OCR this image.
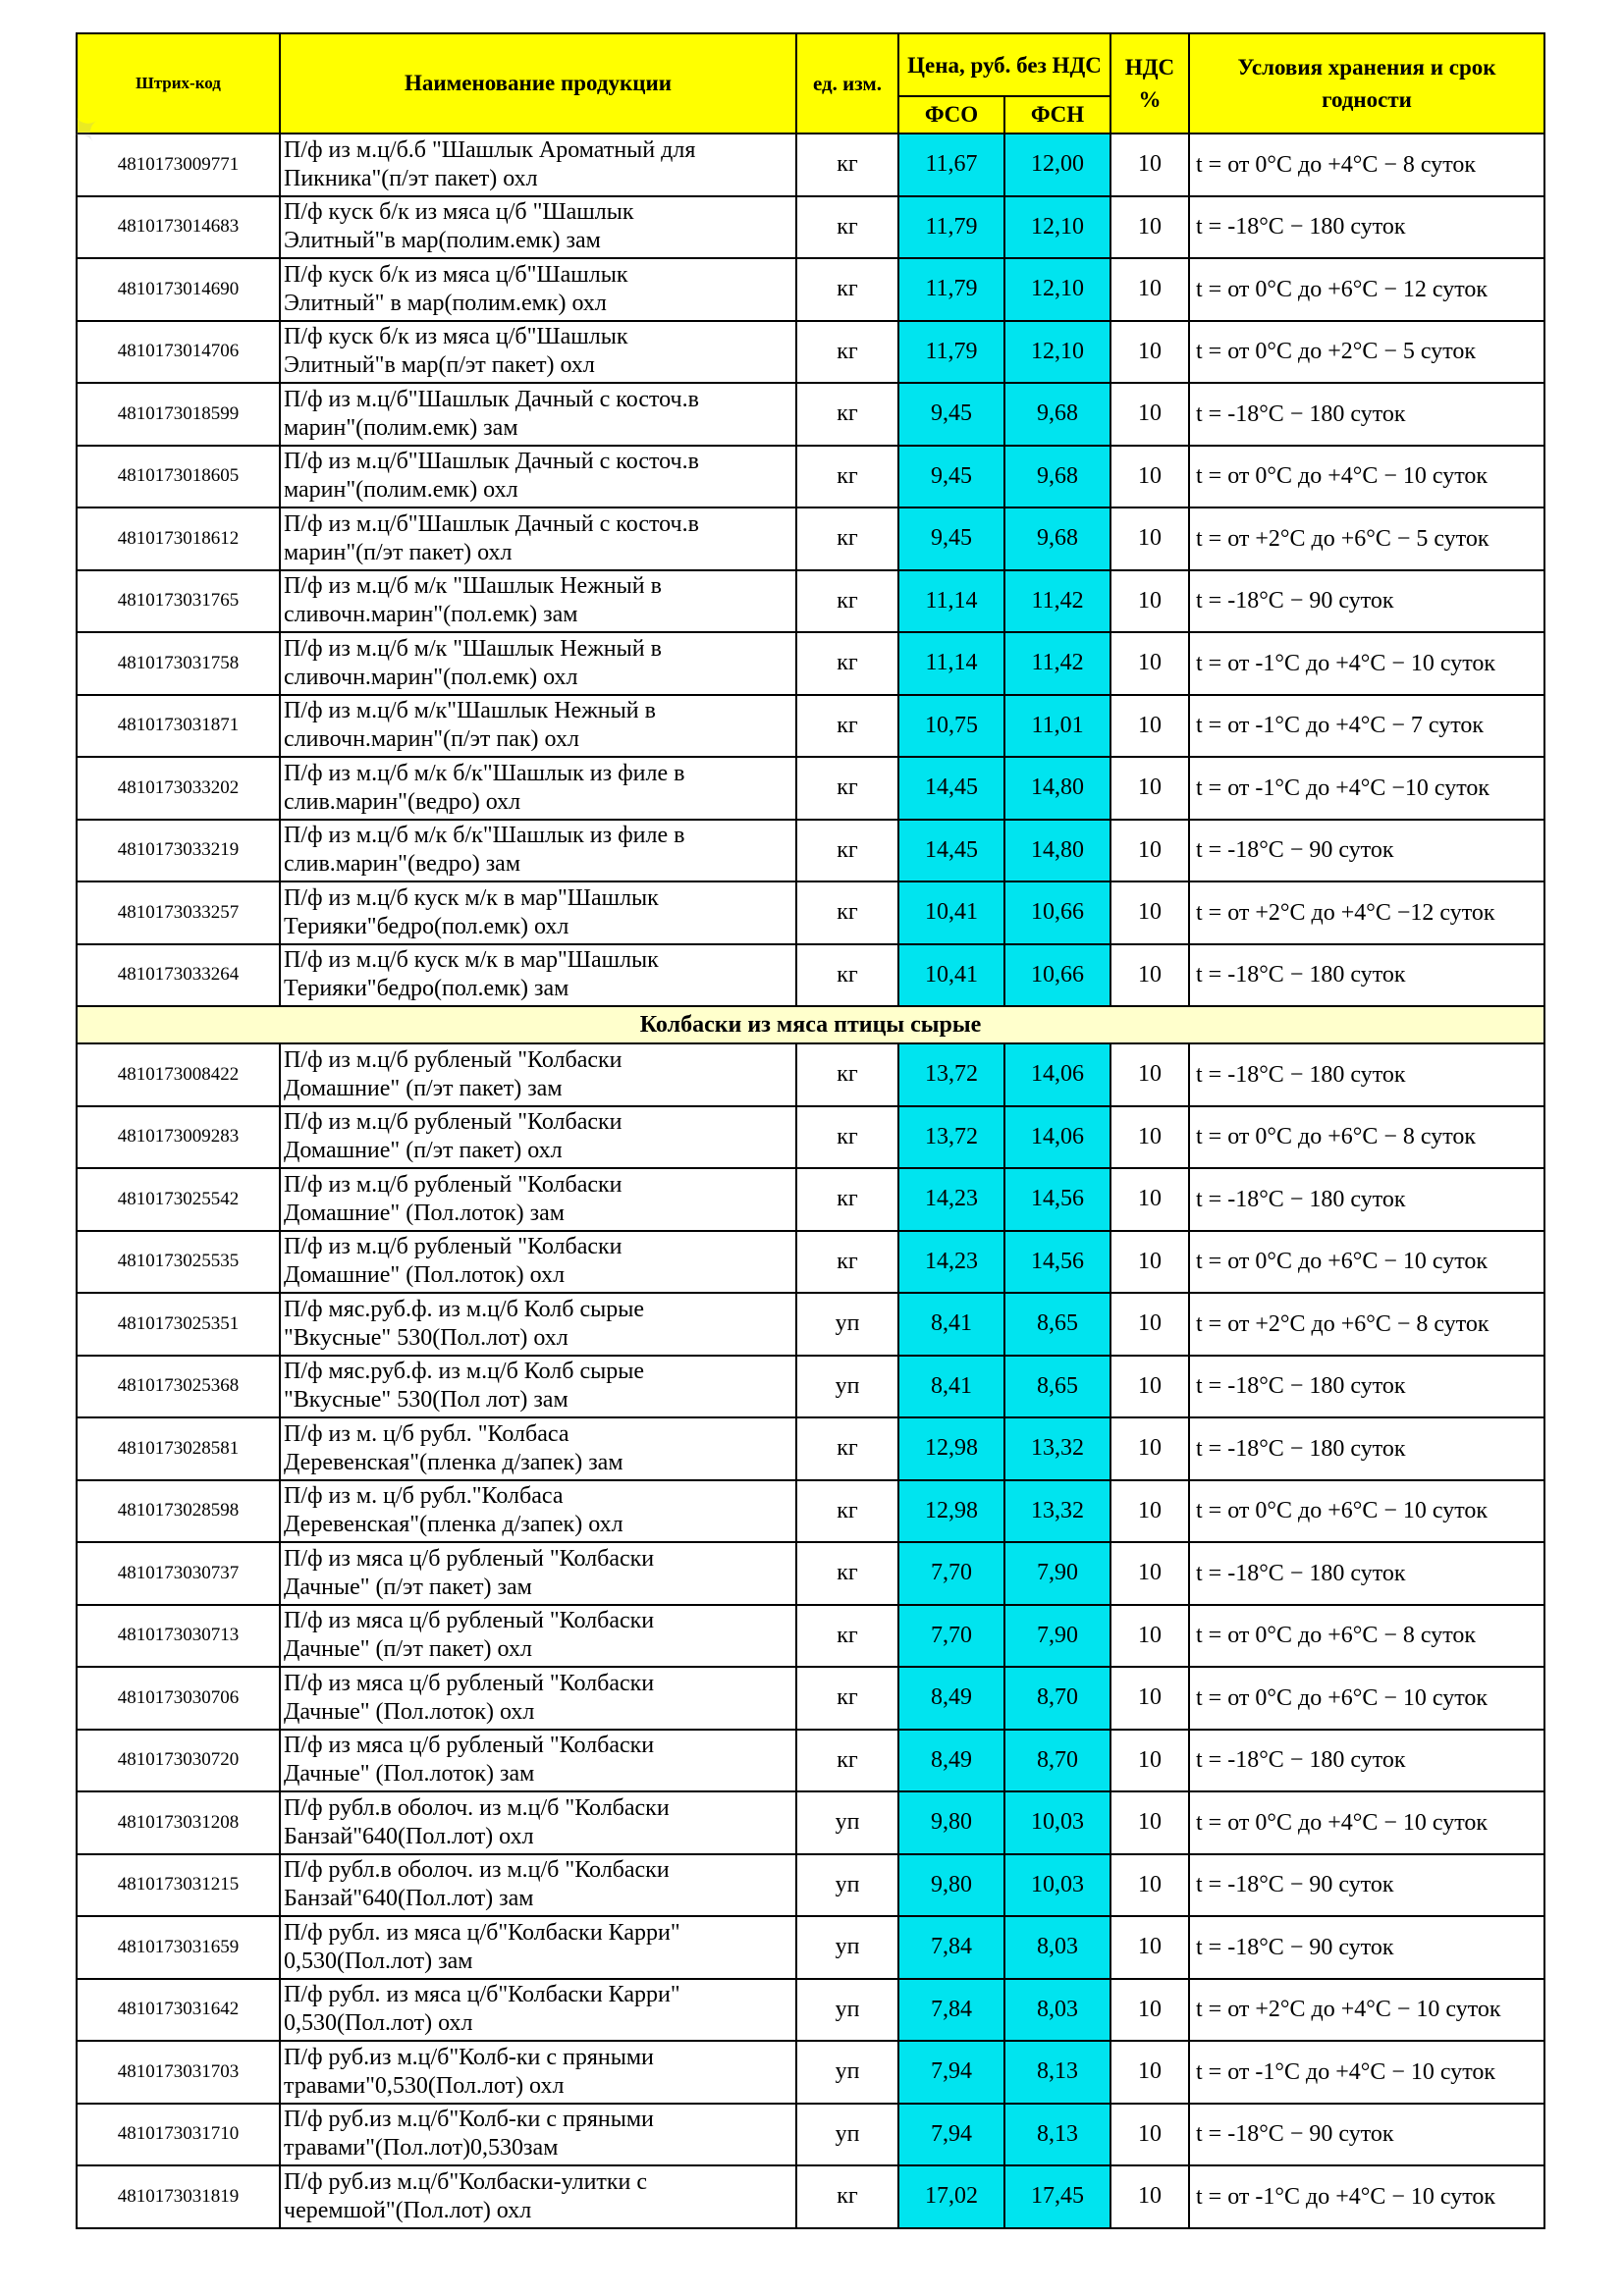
Штрих-код	Наименование продукции	ед. изм.	Цена, руб. без НДС		НДС %	Условия хранения и срок годности
			ФСО	ФСН		
4810173009771	П/ф из м.ц/б.б "Шашлык Ароматный для
Пикника"(п/эт пакет) охл	кг	11,67	12,00	10	t = от 0°С до +4°С − 8 суток
4810173014683	П/ф куск б/к из мяса ц/б "Шашлык
Элитный"в мар(полим.емк) зам	кг	11,79	12,10	10	t = -18°С − 180 суток
4810173014690	П/ф куск б/к из мяса ц/б"Шашлык
Элитный" в мар(полим.емк) охл	кг	11,79	12,10	10	t = от 0°С до +6°С − 12 суток
4810173014706	П/ф куск б/к из мяса ц/б"Шашлык
Элитный"в мар(п/эт пакет) охл	кг	11,79	12,10	10	t = от 0°С до +2°С − 5 суток
4810173018599	П/ф из м.ц/б"Шашлык Дачный с косточ.в
марин"(полим.емк) зам	кг	9,45	9,68	10	t = -18°С − 180 суток
4810173018605	П/ф из м.ц/б"Шашлык Дачный с косточ.в
марин"(полим.емк) охл	кг	9,45	9,68	10	t = от 0°С до +4°С − 10 суток
4810173018612	П/ф из м.ц/б"Шашлык Дачный с косточ.в
марин"(п/эт пакет) охл	кг	9,45	9,68	10	t = от +2°С до +6°С − 5 суток
4810173031765	П/ф из м.ц/б м/к "Шашлык Нежный в
сливочн.марин"(пол.емк) зам	кг	11,14	11,42	10	t = -18°С − 90 суток
4810173031758	П/ф из м.ц/б м/к "Шашлык Нежный в
сливочн.марин"(пол.емк) охл	кг	11,14	11,42	10	t = от -1°С до +4°С − 10 суток
4810173031871	П/ф из м.ц/б м/к"Шашлык Нежный в
сливочн.марин"(п/эт пак) охл	кг	10,75	11,01	10	t = от -1°С до +4°С − 7 суток
4810173033202	П/ф из м.ц/б м/к б/к"Шашлык из филе в
слив.марин"(ведро) охл	кг	14,45	14,80	10	t = от -1°С до +4°С −10 суток
4810173033219	П/ф из м.ц/б м/к б/к"Шашлык из филе в
слив.марин"(ведро) зам	кг	14,45	14,80	10	t = -18°С − 90 суток
4810173033257	П/ф из м.ц/б куск м/к в мар"Шашлык
Терияки"бедро(пол.емк) охл	кг	10,41	10,66	10	t = от +2°С до +4°С −12 суток
4810173033264	П/ф из м.ц/б куск м/к в мар"Шашлык
Терияки"бедро(пол.емк) зам	кг	10,41	10,66	10	t = -18°С − 180 суток
Колбаски из мяса птицы сырые						
4810173008422	П/ф из м.ц/б рубленый "Колбаски
Домашние" (п/эт пакет) зам	кг	13,72	14,06	10	t = -18°С − 180 суток
4810173009283	П/ф из м.ц/б рубленый "Колбаски
Домашние" (п/эт пакет) охл	кг	13,72	14,06	10	t = от 0°С до +6°С − 8 суток
4810173025542	П/ф из м.ц/б рубленый "Колбаски
Домашние" (Пол.лоток) зам	кг	14,23	14,56	10	t = -18°С − 180 суток
4810173025535	П/ф из м.ц/б рубленый "Колбаски
Домашние" (Пол.лоток) охл	кг	14,23	14,56	10	t = от 0°С до +6°С − 10 суток
4810173025351	П/ф мяс.руб.ф. из м.ц/б Колб сырые
"Вкусные" 530(Пол.лот) охл	уп	8,41	8,65	10	t = от +2°С до +6°С − 8 суток
4810173025368	П/ф мяс.руб.ф. из м.ц/б Колб сырые
"Вкусные" 530(Пол лот) зам	уп	8,41	8,65	10	t = -18°С − 180 суток
4810173028581	П/ф из м. ц/б рубл. "Колбаса
Деревенская"(пленка д/запек) зам	кг	12,98	13,32	10	t = -18°С − 180 суток
4810173028598	П/ф из м. ц/б рубл."Колбаса
Деревенская"(пленка д/запек) охл	кг	12,98	13,32	10	t = от 0°С до +6°С − 10 суток
4810173030737	П/ф из мяса ц/б рубленый "Колбаски
Дачные" (п/эт пакет) зам	кг	7,70	7,90	10	t = -18°С − 180 суток
4810173030713	П/ф из мяса ц/б рубленый "Колбаски
Дачные" (п/эт пакет) охл	кг	7,70	7,90	10	t = от 0°С до +6°С − 8 суток
4810173030706	П/ф из мяса ц/б рубленый "Колбаски
Дачные" (Пол.лоток) охл	кг	8,49	8,70	10	t = от 0°С до +6°С − 10 суток
4810173030720	П/ф из мяса ц/б рубленый "Колбаски
Дачные" (Пол.лоток) зам	кг	8,49	8,70	10	t = -18°С − 180 суток
4810173031208	П/ф рубл.в оболоч. из м.ц/б "Колбаски
Банзай"640(Пол.лот) охл	уп	9,80	10,03	10	t = от 0°С до +4°С − 10 суток
4810173031215	П/ф рубл.в оболоч. из м.ц/б "Колбаски
Банзай"640(Пол.лот) зам	уп	9,80	10,03	10	t = -18°С − 90 суток
4810173031659	П/ф рубл. из мяса ц/б"Колбаски Карри"
0,530(Пол.лот) зам	уп	7,84	8,03	10	t = -18°С − 90 суток
4810173031642	П/ф рубл. из мяса ц/б"Колбаски Карри"
0,530(Пол.лот) охл	уп	7,84	8,03	10	t = от +2°С до +4°С − 10 суток
4810173031703	П/ф руб.из м.ц/б"Колб-ки с пряными
травами"0,530(Пол.лот) охл	уп	7,94	8,13	10	t = от -1°С до +4°С − 10 суток
4810173031710	П/ф руб.из м.ц/б"Колб-ки с пряными
травами"(Пол.лот)0,530зам	уп	7,94	8,13	10	t = -18°С − 90 суток
4810173031819	П/ф руб.из м.ц/б"Колбаски-улитки с
черемшой"(Пол.лот) охл	кг	17,02	17,45	10	t = от -1°С до +4°С − 10 суток
✦
